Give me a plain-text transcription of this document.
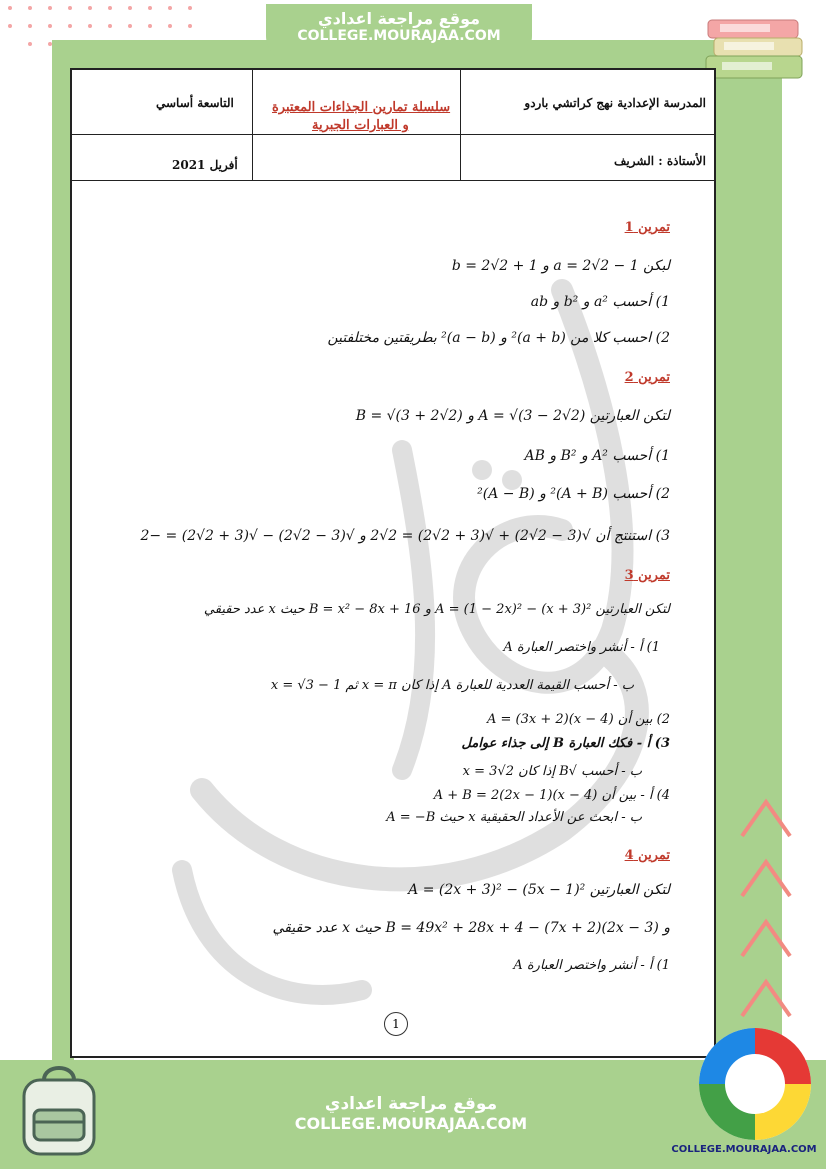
موقع مراجعة اعدادي
COLLEGE.MOURAJAA.COM
المدرسة الإعدادية نهج كراتشي باردو
سلسلة تمارين الجذاءات المعتبرة
و العبارات الجبرية
التاسعة أساسي
الأستاذة : الشريف
أفريل 2021
تمرين 1
لبكن a = 2√2 − 1 و b = 2√2 + 1
1) أحسب a² و b² و ab
2) احسب كلا من (a + b)² و (a − b)² بطريقتين مختلفتين
تمرين 2
لتكن العبارتين A = √(3 − 2√2) و B = √(3 + 2√2)
1) أحسب A² و B² و AB
2) أحسب (A + B)² و (A − B)²
3) استنتج أن √(3 − 2√2) + √(3 + 2√2) = 2√2 و √(3 − 2√2) − √(3 + 2√2) = −2
تمرين 3
لتكن العبارتين A = (1 − 2x)² − (x + 3)² و B = x² − 8x + 16 حيث x عدد حقيقي
1) أ - أنشر واختصر العبارة A
ب - أحسب القيمة العددية للعبارة A إذا كان x = π ثم x = √3 − 1
2) بين أن A = (3x + 2)(x − 4)
3) أ - فكك العبارة B إلى جذاء عوامل
ب - أحسب √B إذا كان x = 3√2
4) أ - بين أن A + B = 2(2x − 1)(x − 4)
ب - ابحث عن الأعداد الحقيقية x حيث A = −B
تمرين 4
لتكن العبارتين A = (2x + 3)² − (5x − 1)²
و B = 49x² + 28x + 4 − (7x + 2)(2x − 3) حيث x عدد حقيقي
1) أ - أنشر واختصر العبارة A
1
موقع مراجعة اعدادي
COLLEGE.MOURAJAA.COM
COLLEGE.MOURAJAA.COM
